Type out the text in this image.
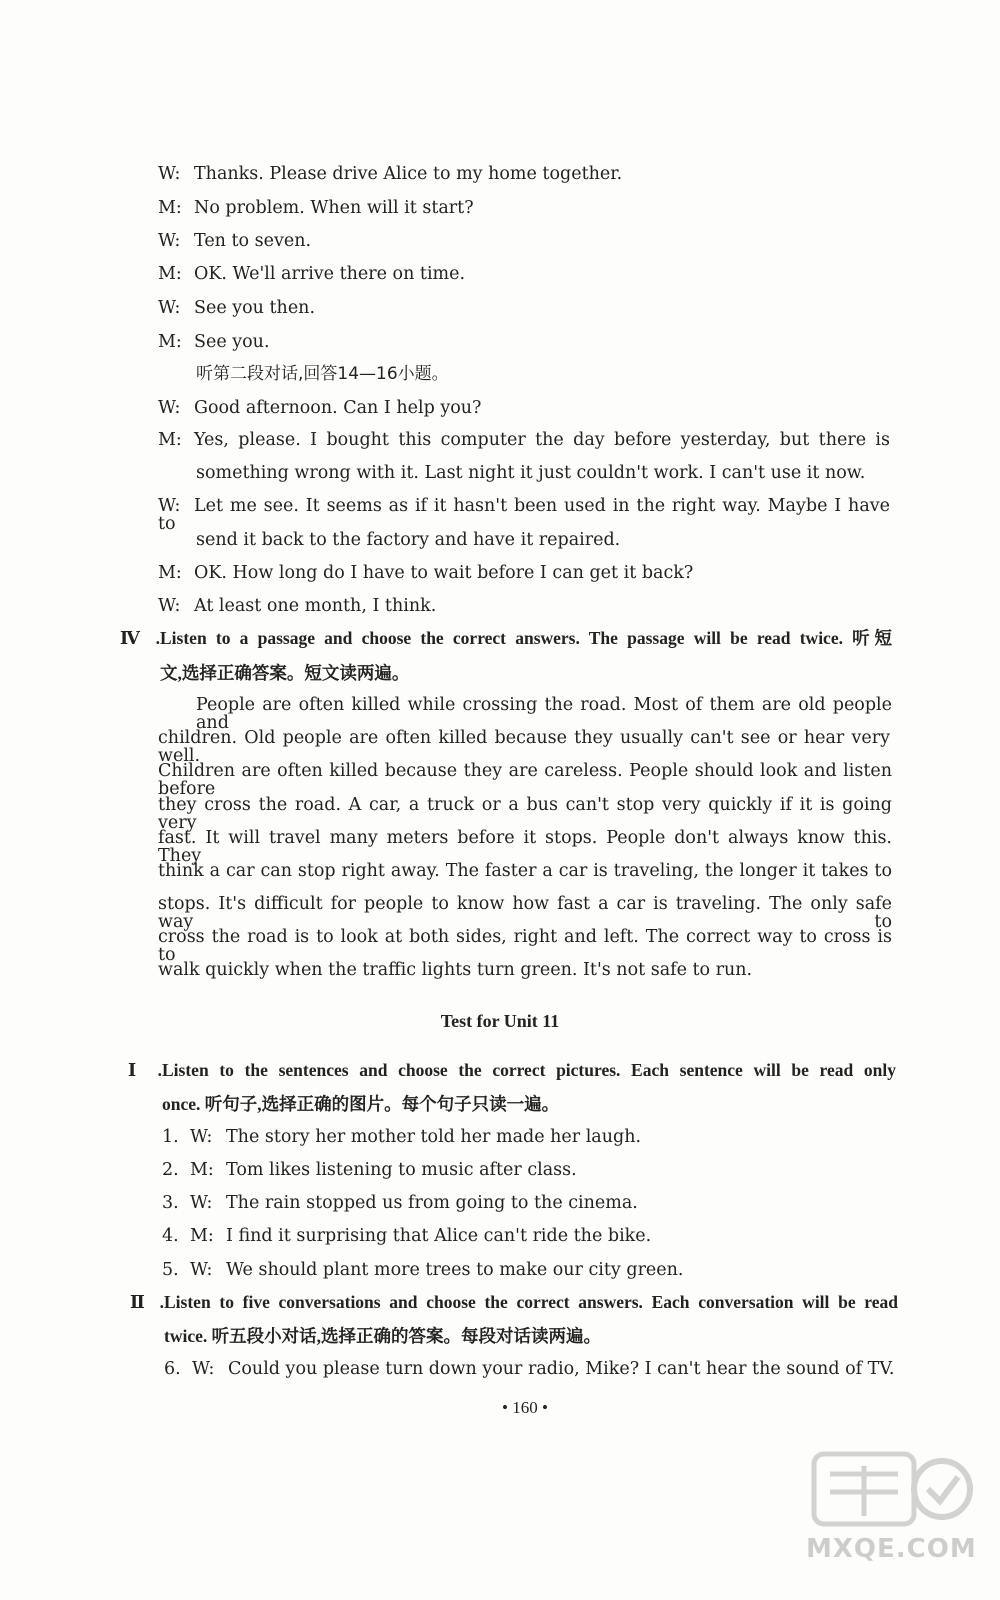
W: Thanks. Please drive Alice to my home together.
M: No problem. When will it start?
W: Ten to seven.
M: OK. We'll arrive there on time.
W: See you then.
M: See you.
听第二段对话,回答14—16小题。
W: Good afternoon. Can I help you?
M: Yes, please. I bought this computer the day before yesterday, but there is
something wrong with it. Last night it just couldn't work. I can't use it now.
W: Let me see. It seems as if it hasn't been used in the right way. Maybe I have to
send it back to the factory and have it repaired.
M: OK. How long do I have to wait before I can get it back?
W: At least one month, I think.
Ⅳ.Listen to a passage and choose the correct answers. The passage will be read twice. 听短
文,选择正确答案。短文读两遍。
People are often killed while crossing the road. Most of them are old people and
children. Old people are often killed because they usually can't see or hear very well.
Children are often killed because they are careless. People should look and listen before
they cross the road. A car, a truck or a bus can't stop very quickly if it is going very
fast. It will travel many meters before it stops. People don't always know this. They
think a car can stop right away. The faster a car is traveling, the longer it takes to
stops. It's difficult for people to know how fast a car is traveling. The only safe way to
cross the road is to look at both sides, right and left. The correct way to cross is to
walk quickly when the traffic lights turn green. It's not safe to run.
Test for Unit 11
Ⅰ.Listen to the sentences and choose the correct pictures. Each sentence will be read only
once. 听句子,选择正确的图片。每个句子只读一遍。
1. W: The story her mother told her made her laugh.
2. M: Tom likes listening to music after class.
3. W: The rain stopped us from going to the cinema.
4. M: I find it surprising that Alice can't ride the bike.
5. W: We should plant more trees to make our city green.
Ⅱ.Listen to five conversations and choose the correct answers. Each conversation will be read
twice. 听五段小对话,选择正确的答案。每段对话读两遍。
6. W: Could you please turn down your radio, Mike? I can't hear the sound of TV.
• 160 •
MXQE.COM
